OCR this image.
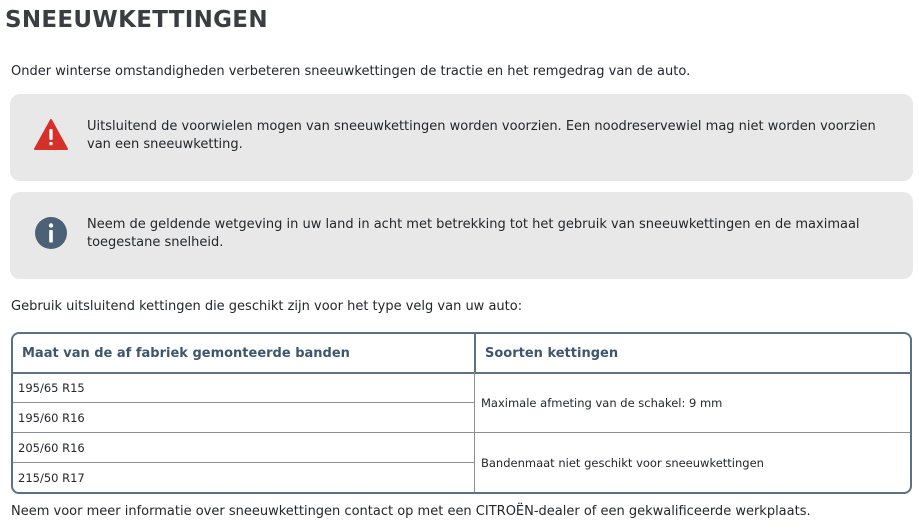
SNEEUWKETTINGEN
Onder winterse omstandigheden verbeteren sneeuwkettingen de tractie en het remgedrag van de auto.
Uitsluitend de voorwielen mogen van sneeuwkettingen worden voorzien. Een noodreservewiel mag niet worden voorzien van een sneeuwketting.
Neem de geldende wetgeving in uw land in acht met betrekking tot het gebruik van sneeuwkettingen en de maximaal toegestane snelheid.
Gebruik uitsluitend kettingen die geschikt zijn voor het type velg van uw auto:
Maat van de af fabriek gemonteerde banden	Soorten kettingen
195/65 R15
195/60 R16
205/60 R16
215/50 R17
Maximale afmeting van de schakel: 9 mm
Bandenmaat niet geschikt voor sneeuwkettingen
Neem voor meer informatie over sneeuwkettingen contact op met een CITROËN-dealer of een gekwalificeerde werkplaats.
